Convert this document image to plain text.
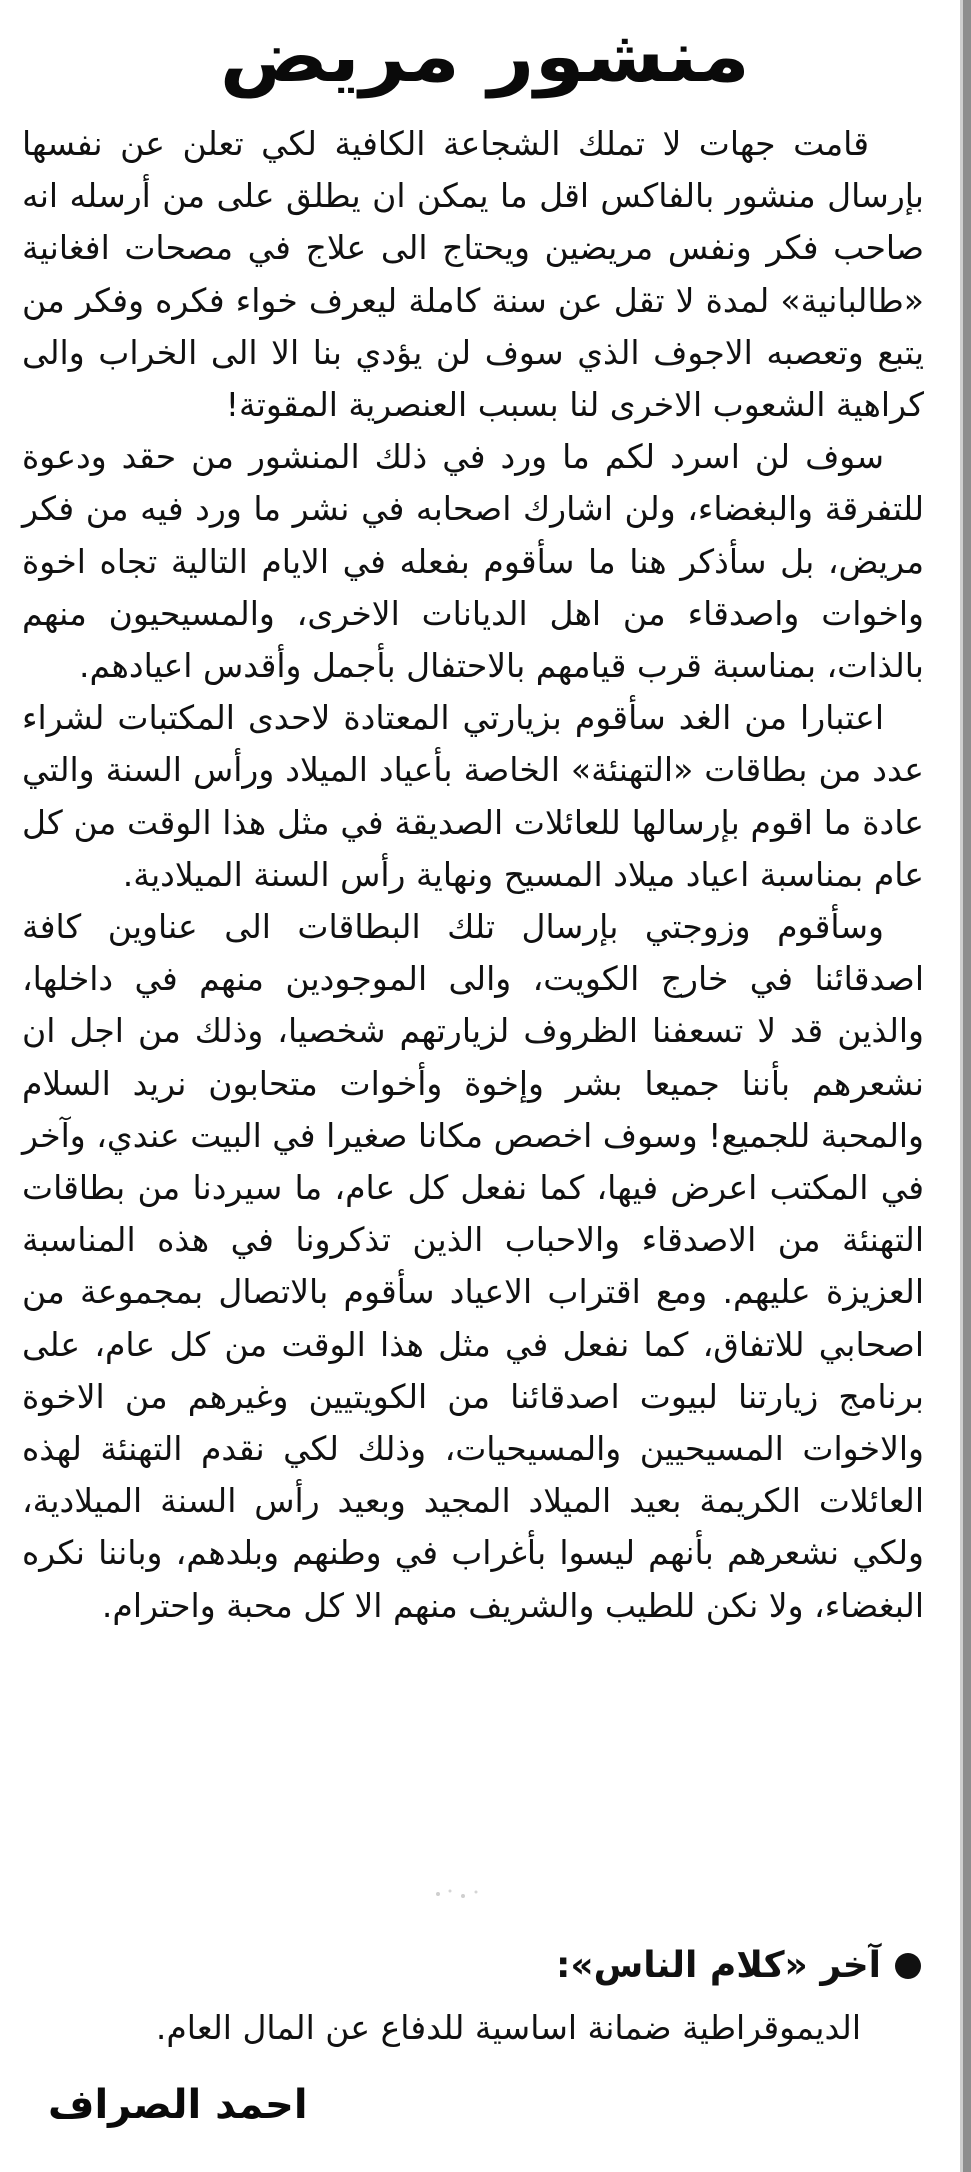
منشور مريض

قامت جهات لا تملك الشجاعة الكافية لكي تعلن عن نفسها بإرسال منشور بالفاكس اقل ما يمكن ان يطلق على من أرسله انه صاحب فكر ونفس مريضين ويحتاج الى علاج في مصحات افغانية «طالبانية» لمدة لا تقل عن سنة كاملة ليعرف خواء فكره وفكر من يتبع وتعصبه الاجوف الذي سوف لن يؤدي بنا الا الى الخراب والى كراهية الشعوب الاخرى لنا بسبب العنصرية المقوتة!

سوف لن اسرد لكم ما ورد في ذلك المنشور من حقد ودعوة للتفرقة والبغضاء، ولن اشارك اصحابه في نشر ما ورد فيه من فكر مريض، بل سأذكر هنا ما سأقوم بفعله في الايام التالية تجاه اخوة واخوات واصدقاء من اهل الديانات الاخرى، والمسيحيون منهم بالذات، بمناسبة قرب قيامهم بالاحتفال بأجمل وأقدس اعيادهم.

اعتبارا من الغد سأقوم بزيارتي المعتادة لاحدى المكتبات لشراء عدد من بطاقات «التهنئة» الخاصة بأعياد الميلاد ورأس السنة والتي عادة ما اقوم بإرسالها للعائلات الصديقة في مثل هذا الوقت من كل عام بمناسبة اعياد ميلاد المسيح ونهاية رأس السنة الميلادية.

وسأقوم وزوجتي بإرسال تلك البطاقات الى عناوين كافة اصدقائنا في خارج الكويت، والى الموجودين منهم في داخلها، والذين قد لا تسعفنا الظروف لزيارتهم شخصيا، وذلك من اجل ان نشعرهم بأننا جميعا بشر وإخوة وأخوات متحابون نريد السلام والمحبة للجميع! وسوف اخصص مكانا صغيرا في البيت عندي، وآخر في المكتب اعرض فيها، كما نفعل كل عام، ما سيردنا من بطاقات التهنئة من الاصدقاء والاحباب الذين تذكرونا في هذه المناسبة العزيزة عليهم. ومع اقتراب الاعياد سأقوم بالاتصال بمجموعة من اصحابي للاتفاق، كما نفعل في مثل هذا الوقت من كل عام، على برنامج زيارتنا لبيوت اصدقائنا من الكويتيين وغيرهم من الاخوة والاخوات المسيحيين والمسيحيات، وذلك لكي نقدم التهنئة لهذه العائلات الكريمة بعيد الميلاد المجيد وبعيد رأس السنة الميلادية، ولكي نشعرهم بأنهم ليسوا بأغراب في وطنهم وبلدهم، وباننا نكره البغضاء، ولا نكن للطيب والشريف منهم الا كل محبة واحترام.

آخر «كلام الناس»:
الديموقراطية ضمانة اساسية للدفاع عن المال العام.
احمد الصراف
